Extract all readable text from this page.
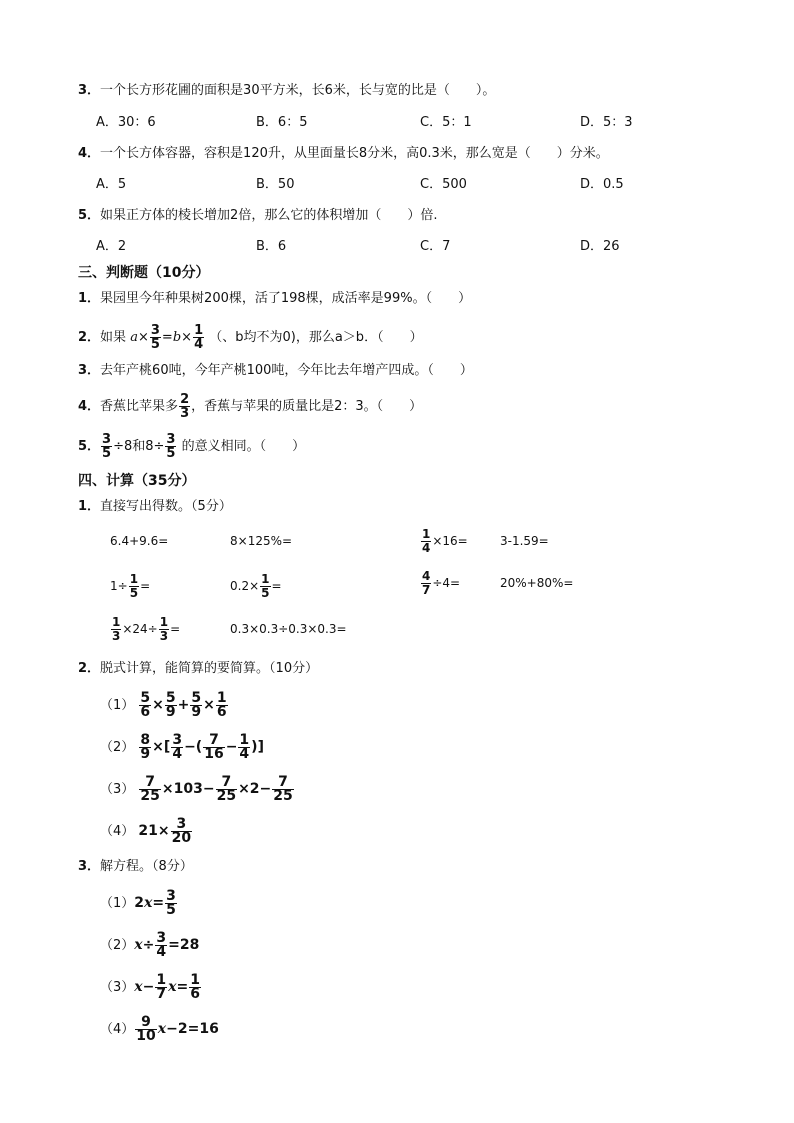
3．一个长方形花圃的面积是30平方米，长6米，长与宽的比是（　　）。
A．30：6	B．6：5	C．5：1	D．5：3
4．一个长方体容器，容积是120升，从里面量长8分米，高0.3米，那么宽是（　　）分米。
A．5	B．50	C．500	D．0.5
5．如果正方体的棱长增加2倍，那么它的体积增加（　　）倍.
A．2	B．6	C．7	D．26
三、判断题（10分）
1．果园里今年种果树200棵，活了198棵，成活率是99%。（　　）
2．如果 $a\times \frac{3}{5} =b\times \frac{1}{4}$ （、b均不为0)，那么a＞b．（　　）
3．去年产桃60吨，今年产桃100吨，今年比去年增产四成。（　　）
4．香蕉比苹果多 $\frac{2}{3}$ ，香蕉与苹果的质量比是2：3。（　　）
5． $\frac{3}{5} \div 8$和$8\div \frac{3}{5}$ 的意义相同。（　　）
四、计算（35分）
1．直接写出得数。（5分）
6.4+9.6=	8×125%=	$\frac{1}{4} \times 16=$	3-1.59=
$1\div \frac{1}{5}$ =	$0.2\times \frac{1}{5}$ =	$\frac{4}{7} \div 4=$	20%+80%=
$\frac{1}{3} \times 24\div \frac{1}{3}$ =	0.3×0.3÷0.3×0.3=
2．脱式计算，能简算的要简算。（10分）
$(1) \frac{5}{6} \times \frac{5}{9} + \frac{5}{9} \times \frac{1}{6}$
$(2) \frac{8}{9}$ ×[ $\frac{3}{4}$ −( $\frac{7}{16} - \frac{1}{4}$ )]
$(3) \frac{7}{25} \times 103- \frac{7}{25} \times 2- \frac{7}{25}$
（4） $21\times \frac{3}{20}$
3．解方程。（8分）
$(1)2x= \frac{3}{5}$
$(2)x\div \frac{3}{4} =28$
$(3)x- \frac{1}{7} x= \frac{1}{6}$
$(4) \frac{9}{10} x-2=16$
